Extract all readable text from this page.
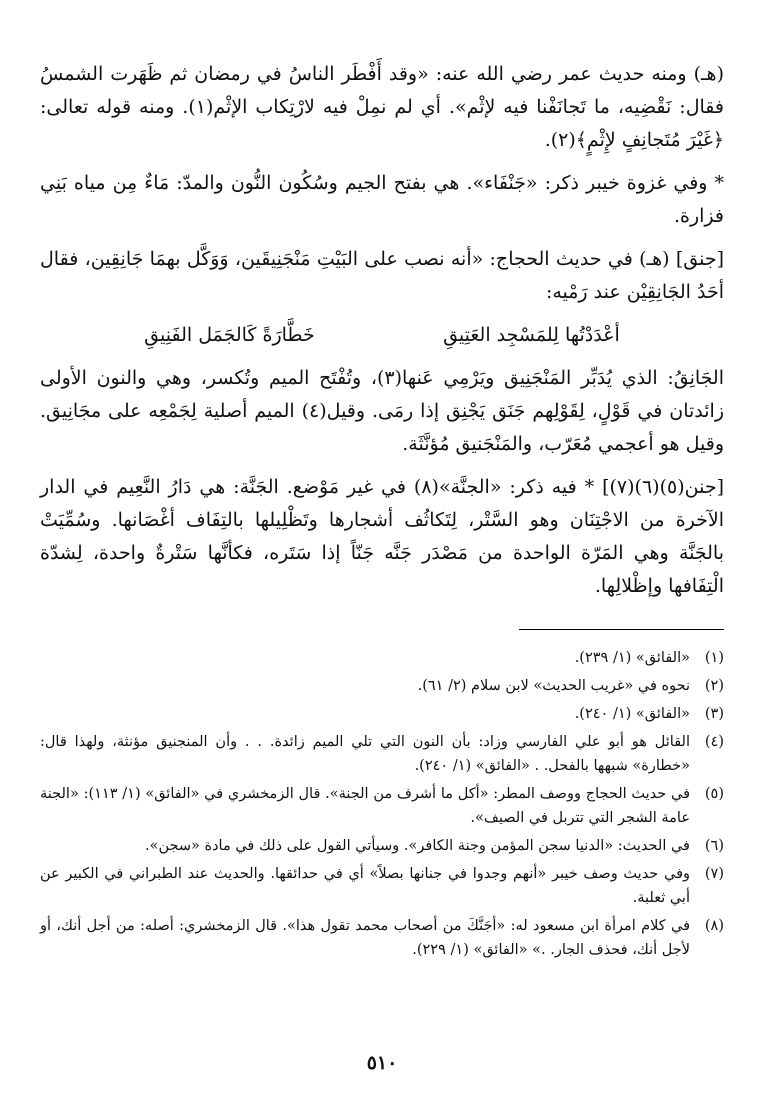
(هـ) ومنه حديث عمر رضي الله عنه: «وقد أَفْطَر الناسُ في رمضان ثم ظَهَرت الشمسُ فقال: نَقْضِيه، ما تَجانَفْنا فيه لإثْم». أي لم نمِلْ فيه لارْتِكاب الإثْم(١). ومنه قوله تعالى: ﴿غَيْرَ مُتَجانِفٍ لإِثْمٍ﴾(٢).

* وفي غزوة خيبر ذكر: «جَنْفَاء». هي بفتح الجيم وسُكُون النُّون والمدّ: مَاءٌ مِن مياه بَنِي فزارة.

[جنق] (هـ) في حديث الحجاج: «أنه نصب على البَيْتِ مَنْجَنِيقَين، وَوَكَّل بهمَا جَانِقِين، فقال أحَدُ الجَانِقِيْن عند رَمْيه:

أعْدَدْتُها لِلمَسْجِد العَتِيقِ
خَطَّارَةً كَالجَمَل الفَنِيقِ

الجَانِقُ: الذي يُدَبِّر المَنْجَنِيق ويَرْمِي عَنها(٣)، وتُفْتَح الميم وتُكسر، وهي والنون الأولى زائدتان في قَوْلٍ، لِقَوْلِهم جَنَق يَجْنِق إذا رمَى. وقيل(٤) الميم أصلية لِجَمْعِه على مجَانِيق. وقيل هو أعجمي مُعَرّب، والمَنْجَنيق مُؤنَّثَة.

[جنن(٥)(٦)(٧)] * فيه ذكر: «الجنَّة»(٨) في غير مَوْضع. الجَنَّة: هي دَارُ النَّعِيم في الدار الآخرة من الاجْتِنَان وهو السَّتْر، لِتَكاثُف أشجارها وتَظْلِيلها بالتِفَاف أغْصَانها. وسُمِّيَتْ بالجَنَّة وهي المَرّة الواحدة من مَصْدَر جَنَّه جَنّاً إذا سَتَره، فكأنَّها سَتْرةٌ واحدة، لِشدّة الْتِفَافها وإظْلالِها.

(١)
«الفائق» (١/ ٢٣٩).
(٢)
نحوه في «غريب الحديث» لابن سلام (٢/ ٦١).
(٣)
«الفائق» (١/ ٢٤٠).
(٤)
القائل هو أبو علي الفارسي وزاد: بأن النون التي تلي الميم زائدة. . . وأن المنجنيق مؤنثة، ولهذا قال: «خطارة» شبهها بالفحل. . «الفائق» (١/ ٢٤٠).
(٥)
في حديث الحجاج ووصف المطر: «أكل ما أشرف من الجنة». قال الزمخشري في «الفائق» (١/ ١١٣): «الجنة عامة الشجر التي تتربل في الصيف».
(٦)
في الحديث: «الدنيا سجن المؤمن وجنة الكافر». وسيأتي القول على ذلك في مادة «سجن».
(٧)
وفي حديث وصف خيبر «أنهم وجدوا في جنانها بصلاً» أي في حدائقها. والحديث عند الطبراني في الكبير عن أبي ثعلبة.
(٨)
في كلام امرأة ابن مسعود له: «أجَنَّكَ من أصحاب محمد تقول هذا». قال الزمخشري: أصله: من أجل أنك، أو لأجل أنك، فحذف الجار. .» «الفائق» (١/ ٢٢٩).
٥١٠
